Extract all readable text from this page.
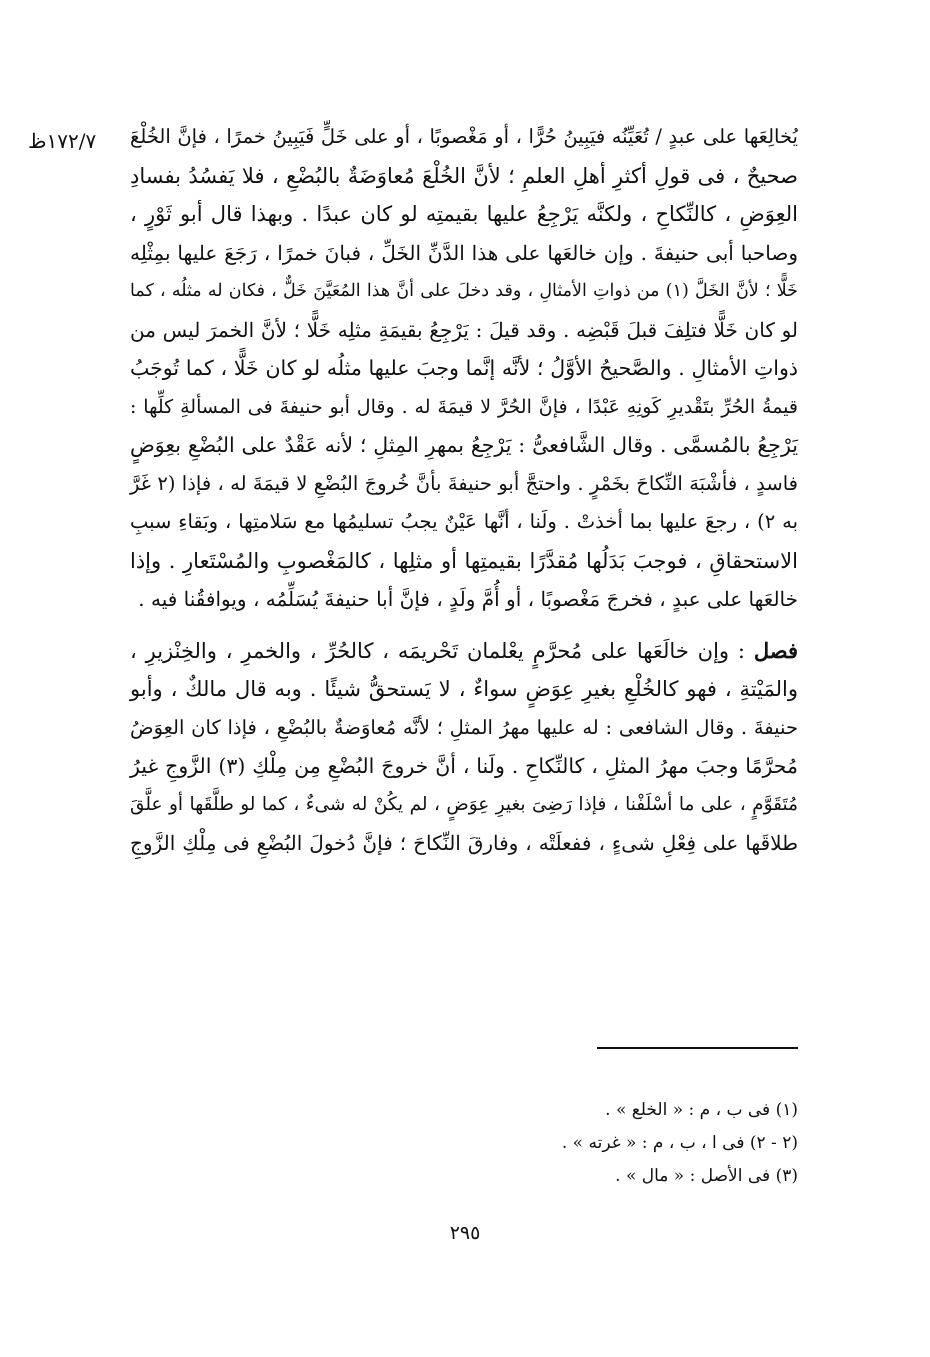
١٧٢/٧ظ	يُخالِعَها على عبدٍ / تُعَيِّنُه فيَبِينُ حُرًّا ، أو مَغْصوبًا ، أو على خَلٍّ فَيَبِينُ خمرًا ، فإنَّ الخُلْعَ
صحيحٌ ، فى قولِ أكثرِ أهلِ العلمِ ؛ لأنَّ الخُلْعَ مُعاوَضَةٌ بالبُضْعِ ، فلا يَفسُدُ بفسادِ
العِوَضِ ، كالنِّكاحِ ، ولكنَّه يَرْجِعُ عليها بقيمتِه لو كان عبدًا . وبهذا قال أبو ثَوْرٍ ،
وصاحبا أبى حنيفةَ . وإن خالعَها على هذا الدَّنِّ الخَلِّ ، فبانَ خمرًا ، رَجَعَ عليها بمِثْلِه
خَلًّا ؛ لأنَّ الخَلَّ (١) من ذواتِ الأمثالِ ، وقد دخلَ على أنَّ هذا المُعَيَّنَ خَلٌّ ، فكان له مثلُه ، كما
لو كان خَلًّا فتلِفَ قبلَ قَبْضِه . وقد قيلَ : يَرْجِعُ بقيمَةِ مثلِه خَلًّا ؛ لأنَّ الخمرَ ليس من
ذواتِ الأمثالِ . والصَّحيحُ الأوَّلُ ؛ لأنَّه إنَّما وجبَ عليها مثلُه لو كان خَلًّا ، كما تُوجَبُ
قيمةُ الحُرِّ بتَقْديرِ كَونِهِ عَبْدًا ، فإنَّ الحُرَّ لا قيمَةَ له . وقال أبو حنيفةَ فى المسألةِ كلِّها :
يَرْجِعُ بالمُسمَّى . وقال الشَّافعىُّ : يَرْجِعُ بمهرِ المِثلِ ؛ لأنه عَقْدٌ على البُضْعِ بعِوَضٍ
فاسدٍ ، فأشْبَهَ النِّكاحَ بخَمْرٍ . واحتجَّ أبو حنيفةَ بأنَّ خُروجَ البُضْعِ لا قيمَةَ له ، فإذا (٢ غَرَّ
به ٢) ، رجعَ عليها بما أخذتْ . ولَنا ، أنَّها عَيْنٌ يجبُ تسليمُها مع سَلامتِها ، وبَقاءِ سببِ
الاستحقاقِ ، فوجبَ بَدَلُها مُقدَّرًا بقيمتِها أو مثلِها ، كالمَغْصوبِ والمُسْتَعارِ . وإذا
خالعَها على عبدٍ ، فخرجَ مَغْصوبًا ، أو أُمَّ ولَدٍ ، فإنَّ أبا حنيفةَ يُسَلِّمُه ، ويوافقُنا فيه .
فصل : وإن خالَعَها على مُحرَّمٍ يعْلمان تَحْريمَه ، كالحُرِّ ، والخمرِ ، والخِنْزيرِ ،
والمَيْتةِ ، فهو كالخُلْعِ بغيرِ عِوَضٍ سواءٌ ، لا يَستحقُّ شيئًا . وبه قال مالكٌ ، وأبو
حنيفةَ . وقال الشافعى : له عليها مهرُ المثلِ ؛ لأنَّه مُعاوَضةٌ بالبُضْعِ ، فإذا كان العِوَضُ
مُحرَّمًا وجبَ مهرُ المثلِ ، كالنِّكاحِ . ولَنا ، أنَّ خروجَ البُضْعِ مِن مِلْكِ (٣) الزَّوجِ غيرُ
مُتَقَوَّمٍ ، على ما أسْلَفْنا ، فإذا رَضِىَ بغيرِ عِوَضٍ ، لم يكُنْ له شىءٌ ، كما لو طلَّقَها أو علَّقَ
طلاقَها على فِعْلِ شىءٍ ، ففعلَتْه ، وفارقَ النِّكاحَ ؛ فإنَّ دُخولَ البُضْعِ فى مِلْكِ الزَّوجِ
(١) فى ب ، م : « الخلع » .
(٢ - ٢) فى ا ، ب ، م : « غرته » .
(٣) فى الأصل : « مال » .
٢٩٥
